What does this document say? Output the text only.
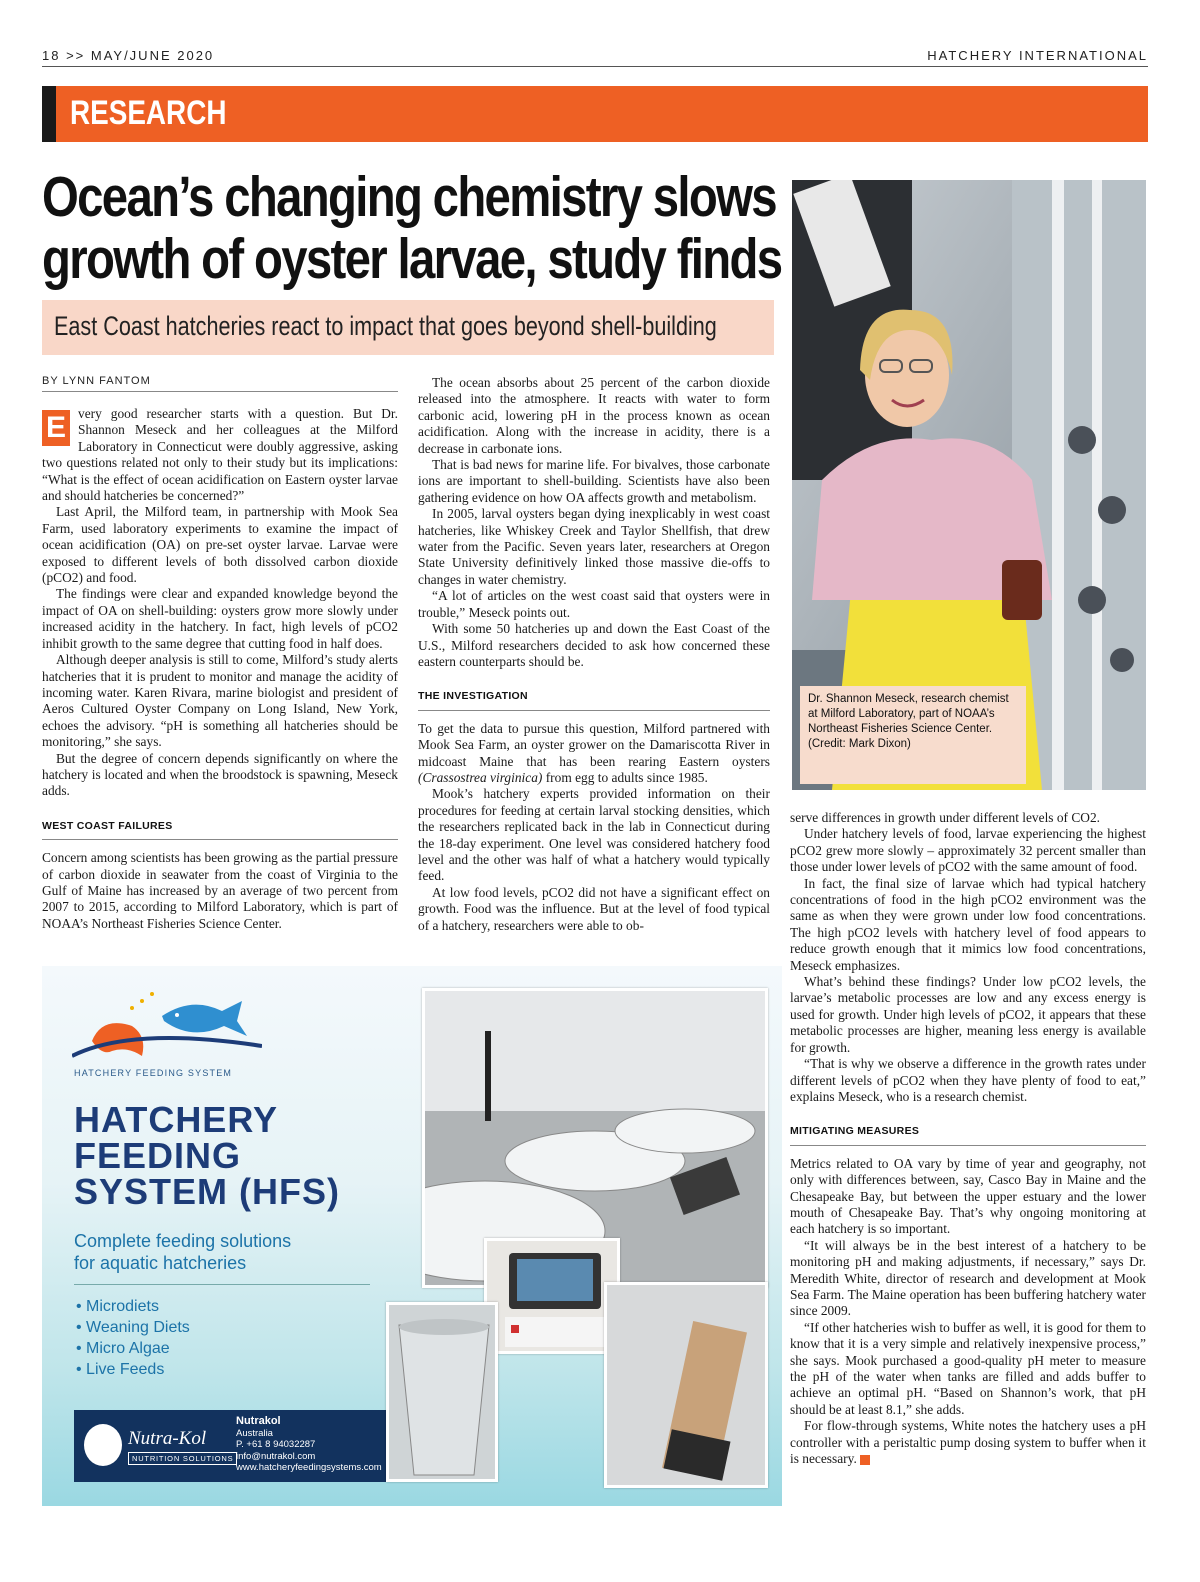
18 >> MAY/JUNE 2020	HATCHERY INTERNATIONAL
RESEARCH
Ocean’s changing chemistry slows
growth of oyster larvae, study finds
East Coast hatcheries react to impact that goes beyond shell-building
BY LYNN FANTOM

E very good researcher starts with a question. But Dr. Shannon Meseck and her colleagues at the Milford Laboratory in Connecticut were doubly aggressive, asking two questions related not only to their study but its implications: “What is the effect of ocean acidification on Eastern oyster larvae and should hatcheries be concerned?”

Last April, the Milford team, in partnership with Mook Sea Farm, used laboratory experiments to examine the impact of ocean acidification (OA) on pre-set oyster larvae. Larvae were exposed to different levels of both dissolved carbon dioxide (pCO2) and food.

The findings were clear and expanded knowledge beyond the impact of OA on shell-building: oysters grow more slowly under increased acidity in the hatchery. In fact, high levels of pCO2 inhibit growth to the same degree that cutting food in half does.

Although deeper analysis is still to come, Milford’s study alerts hatcheries that it is prudent to monitor and manage the acidity of incoming water. Karen Rivara, marine biologist and president of Aeros Cultured Oyster Company on Long Island, New York, echoes the advisory. “pH is something all hatcheries should be monitoring,” she says.

But the degree of concern depends significantly on where the hatchery is located and when the broodstock is spawning, Meseck adds.

WEST COAST FAILURES

Concern among scientists has been growing as the partial pressure of carbon dioxide in seawater from the coast of Virginia to the Gulf of Maine has increased by an average of two percent from 2007 to 2015, according to Milford Laboratory, which is part of NOAA’s Northeast Fisheries Science Center.

The ocean absorbs about 25 percent of the carbon dioxide released into the atmosphere. It reacts with water to form carbonic acid, lowering pH in the process known as ocean acidification. Along with the increase in acidity, there is a decrease in carbonate ions.

That is bad news for marine life. For bivalves, those carbonate ions are important to shell-building. Scientists have also been gathering evidence on how OA affects growth and metabolism.

In 2005, larval oysters began dying inexplicably in west coast hatcheries, like Whiskey Creek and Taylor Shellfish, that drew water from the Pacific. Seven years later, researchers at Oregon State University definitively linked those massive die-offs to changes in water chemistry.

“A lot of articles on the west coast said that oysters were in trouble,” Meseck points out.

With some 50 hatcheries up and down the East Coast of the U.S., Milford researchers decided to ask how concerned these eastern counterparts should be.

THE INVESTIGATION

To get the data to pursue this question, Milford partnered with Mook Sea Farm, an oyster grower on the Damariscotta River in midcoast Maine that has been rearing Eastern oysters (Crassostrea virginica) from egg to adults since 1985.

Mook’s hatchery experts provided information on their procedures for feeding at certain larval stocking densities, which the researchers replicated back in the lab in Connecticut during the 18-day experiment. One level was considered hatchery food level and the other was half of what a hatchery would typically feed.

At low food levels, pCO2 did not have a significant effect on growth. Food was the influence. But at the level of food typical of a hatchery, researchers were able to ob-

Dr. Shannon Meseck, research chemist at Milford Laboratory, part of NOAA’s Northeast Fisheries Science Center. (Credit: Mark Dixon)

serve differences in growth under different levels of CO2.

Under hatchery levels of food, larvae experiencing the highest pCO2 grew more slowly – approximately 32 percent smaller than those under lower levels of pCO2 with the same amount of food.

In fact, the final size of larvae which had typical hatchery concentrations of food in the high pCO2 environment was the same as when they were grown under low food concentrations. The high pCO2 levels with hatchery level of food appears to reduce growth enough that it mimics low food concentrations, Meseck emphasizes.

What’s behind these findings? Under low pCO2 levels, the larvae’s metabolic processes are low and any excess energy is used for growth. Under high levels of pCO2, it appears that these metabolic processes are higher, meaning less energy is available for growth.

“That is why we observe a difference in the growth rates under different levels of pCO2 when they have plenty of food to eat,” explains Meseck, who is a research chemist.

MITIGATING MEASURES

Metrics related to OA vary by time of year and geography, not only with differences between, say, Casco Bay in Maine and the Chesapeake Bay, but between the upper estuary and the lower mouth of Chesapeake Bay. That’s why ongoing monitoring at each hatchery is so important.

“It will always be in the best interest of a hatchery to be monitoring pH and making adjustments, if necessary,” says Dr. Meredith White, director of research and development at Mook Sea Farm. The Maine operation has been buffering hatchery water since 2009.

“If other hatcheries wish to buffer as well, it is good for them to know that it is a very simple and relatively inexpensive process,” she says. Mook purchased a good-quality pH meter to measure the pH of the water when tanks are filled and adds buffer to achieve an optimal pH. “Based on Shannon’s work, that pH should be at least 8.1,” she adds.

For flow-through systems, White notes the hatchery uses a pH controller with a peristaltic pump dosing system to buffer when it is necessary.

HATCHERY FEEDING SYSTEM
HATCHERY
FEEDING
SYSTEM (HFS)
Complete feeding solutions
for aquatic hatcheries
• Microdiets
• Weaning Diets
• Micro Algae
• Live Feeds
Nutra-Kol
NUTRITION SOLUTIONS
Nutrakol
Australia
P. +61 8 94032287
info@nutrakol.com
www.hatcheryfeedingsystems.com
